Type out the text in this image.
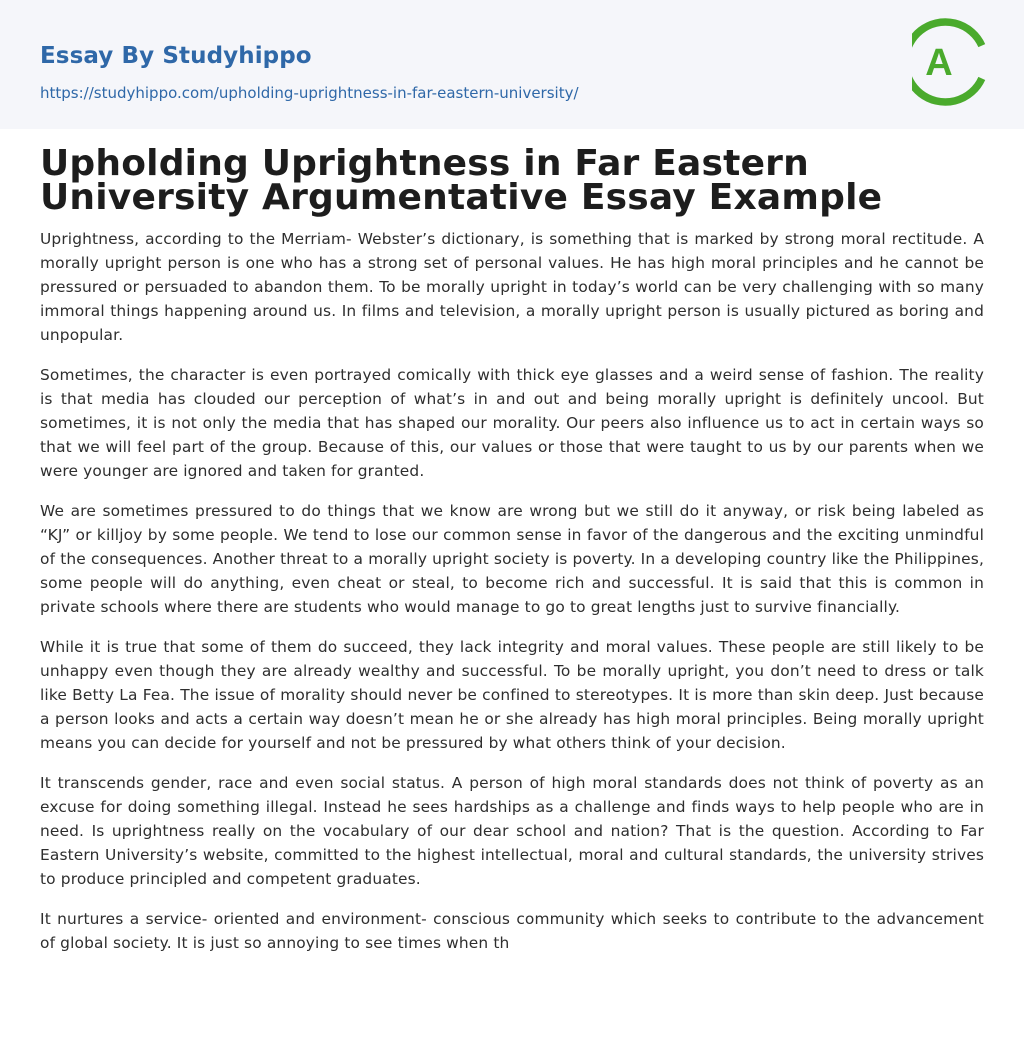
Essay By Studyhippo
https://studyhippo.com/upholding-uprightness-in-far-eastern-university/
A
Upholding Uprightness in Far Eastern University Argumentative Essay Example

Uprightness, according to the Merriam- Webster’s dictionary, is something that is marked by strong moral rectitude. A morally upright person is one who has a strong set of personal values. He has high moral principles and he cannot be pressured or persuaded to abandon them. To be morally upright in today’s world can be very challenging with so many immoral things happening around us. In films and television, a morally upright person is usually pictured as boring and unpopular.

Sometimes, the character is even portrayed comically with thick eye glasses and a weird sense of fashion. The reality is that media has clouded our perception of what’s in and out and being morally upright is definitely uncool. But sometimes, it is not only the media that has shaped our morality. Our peers also influence us to act in certain ways so that we will feel part of the group. Because of this, our values or those that were taught to us by our parents when we were younger are ignored and taken for granted.

We are sometimes pressured to do things that we know are wrong but we still do it anyway, or risk being labeled as “KJ” or killjoy by some people. We tend to lose our common sense in favor of the dangerous and the exciting unmindful of the consequences. Another threat to a morally upright society is poverty. In a developing country like the Philippines, some people will do anything, even cheat or steal, to become rich and successful. It is said that this is common in private schools where there are students who would manage to go to great lengths just to survive financially.

While it is true that some of them do succeed, they lack integrity and moral values. These people are still likely to be unhappy even though they are already wealthy and successful. To be morally upright, you don’t need to dress or talk like Betty La Fea. The issue of morality should never be confined to stereotypes. It is more than skin deep. Just because a person looks and acts a certain way doesn’t mean he or she already has high moral principles. Being morally upright means you can decide for yourself and not be pressured by what others think of your decision.

It transcends gender, race and even social status. A person of high moral standards does not think of poverty as an excuse for doing something illegal. Instead he sees hardships as a challenge and finds ways to help people who are in need. Is uprightness really on the vocabulary of our dear school and nation? That is the question. According to Far Eastern University’s website, committed to the highest intellectual, moral and cultural standards, the university strives to produce principled and competent graduates.

It nurtures a service- oriented and environment- conscious community which seeks to contribute to the advancement of global society. It is just so annoying to see times when th
